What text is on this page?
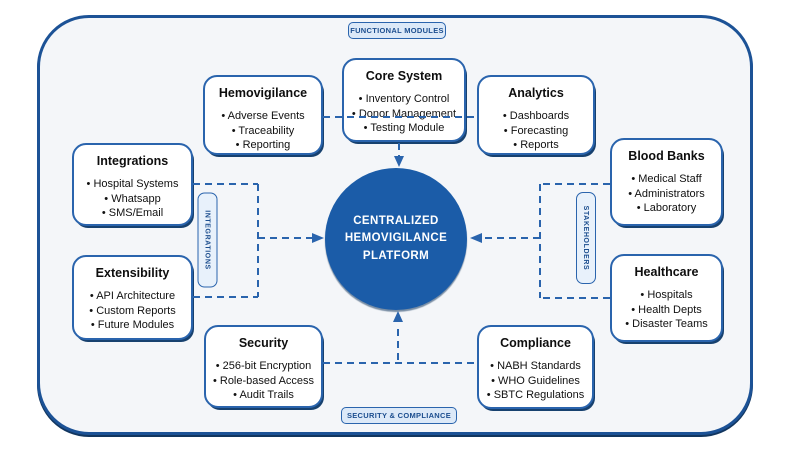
FUNCTIONAL MODULES
SECURITY & COMPLIANCE
INTEGRATIONS	STAKEHOLDERS
Hemovigilance
• Adverse Events
• Traceability
• Reporting
Core System
• Inventory Control
• Donor Management
• Testing Module
Analytics
• Dashboards
• Forecasting
• Reports
Integrations
• Hospital Systems
• Whatsapp
• SMS/Email
Extensibility
• API Architecture
• Custom Reports
• Future Modules
Blood Banks
• Medical Staff
• Administrators
• Laboratory
Healthcare
• Hospitals
• Health Depts
• Disaster Teams
Security
• 256-bit Encryption
• Role-based Access
• Audit Trails
Compliance
• NABH Standards
• WHO Guidelines
• SBTC Regulations
CENTRALIZED
HEMOVIGILANCE
PLATFORM
